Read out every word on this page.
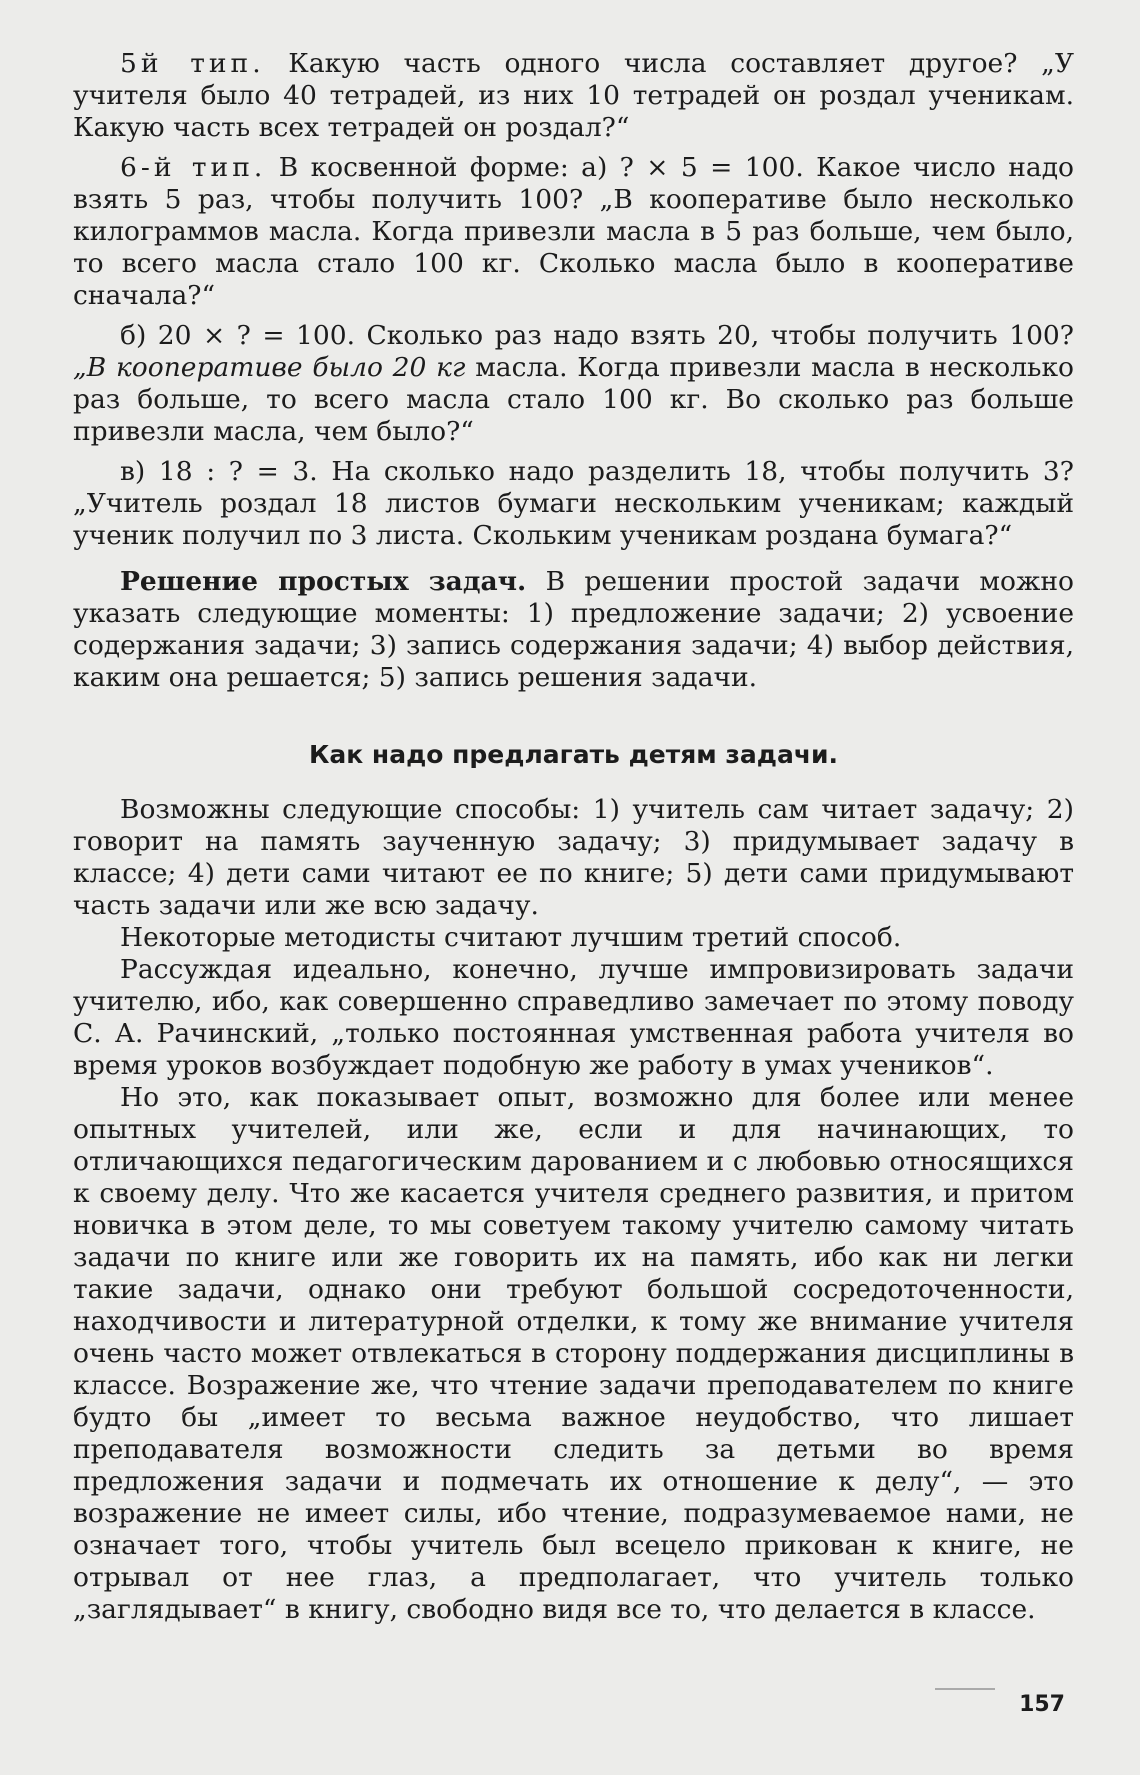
5й тип. Какую часть одного числа составляет другое? „У учителя было 40 тетрадей, из них 10 тетрадей он роздал ученикам. Какую часть всех тетрадей он роздал?“

6-й тип. В косвенной форме: а) ? × 5 = 100. Какое число надо взять 5 раз, чтобы получить 100? „В кооперативе было несколько килограммов масла. Когда привезли масла в 5 раз больше, чем было, то всего масла стало 100 кг. Сколько масла было в кооперативе сначала?“

б) 20 × ? = 100. Сколько раз надо взять 20, чтобы получить 100? „В кооперативе было 20 кг масла. Когда привезли масла в несколько раз больше, то всего масла стало 100 кг. Во сколько раз больше привезли масла, чем было?“

в) 18 : ? = 3. На сколько надо разделить 18, чтобы получить 3? „Учитель роздал 18 листов бумаги нескольким ученикам; каждый ученик получил по 3 листа. Скольким ученикам роздана бумага?“

Решение простых задач. В решении простой задачи можно указать следующие моменты: 1) предложение задачи; 2) усвоение содержания задачи; 3) запись содержания задачи; 4) выбор действия, каким она решается; 5) запись решения задачи.

Как надо предлагать детям задачи.

Возможны следующие способы: 1) учитель сам читает задачу; 2) говорит на память заученную задачу; 3) придумывает задачу в классе; 4) дети сами читают ее по книге; 5) дети сами придумывают часть задачи или же всю задачу.

Некоторые методисты считают лучшим третий способ.

Рассуждая идеально, конечно, лучше импровизировать задачи учителю, ибо, как совершенно справедливо замечает по этому поводу С. А. Рачинский, „только постоянная умственная работа учителя во время уроков возбуждает подобную же работу в умах учеников“.

Но это, как показывает опыт, возможно для более или менее опытных учителей, или же, если и для начинающих, то отличающихся педагогическим дарованием и с любовью относящихся к своему делу. Что же касается учителя среднего развития, и притом новичка в этом деле, то мы советуем такому учителю самому читать задачи по книге или же говорить их на память, ибо как ни легки такие задачи, однако они требуют большой сосредоточенности, находчивости и литературной отделки, к тому же внимание учителя очень часто может отвлекаться в сторону поддержания дисциплины в классе. Возражение же, что чтение задачи преподавателем по книге будто бы „имеет то весьма важное неудобство, что лишает преподавателя возможности следить за детьми во время предложения задачи и подмечать их отношение к делу“, — это возражение не имеет силы, ибо чтение, подразумеваемое нами, не означает того, чтобы учитель был всецело прикован к книге, не отрывал от нее глаз, а предполагает, что учитель только „заглядывает“ в книгу, свободно видя все то, что делается в классе.

157
